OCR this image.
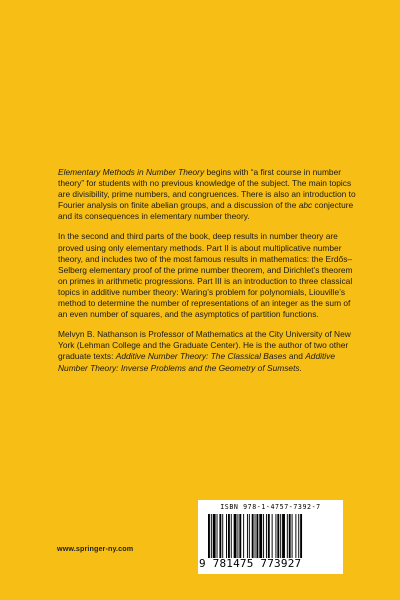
Elementary Methods in Number Theory begins with “a first course in number theory” for students with no previous knowledge of the subject. The main topics are divisibility, prime numbers, and congruences. There is also an introduction to Fourier analysis on finite abelian groups, and a discussion of the abc conjecture and its consequences in elementary number theory.

In the second and third parts of the book, deep results in number theory are proved using only elementary methods. Part II is about multiplicative number theory, and includes two of the most famous results in mathematics: the Erdős–Selberg elementary proof of the prime number theorem, and Dirichlet’s theorem on primes in arithmetic progressions. Part III is an introduction to three classical topics in additive number theory: Waring’s problem for polynomials, Liouville’s method to determine the number of representations of an integer as the sum of an even number of squares, and the asymptotics of partition functions.

Melvyn B. Nathanson is Professor of Mathematics at the City University of New York (Lehman College and the Graduate Center). He is the author of two other graduate texts: Additive Number Theory: The Classical Bases and Additive Number Theory: Inverse Problems and the Geometry of Sumsets.

ISBN 978-1-4757-7392-7
9 781475 773927
www.springer-ny.com
